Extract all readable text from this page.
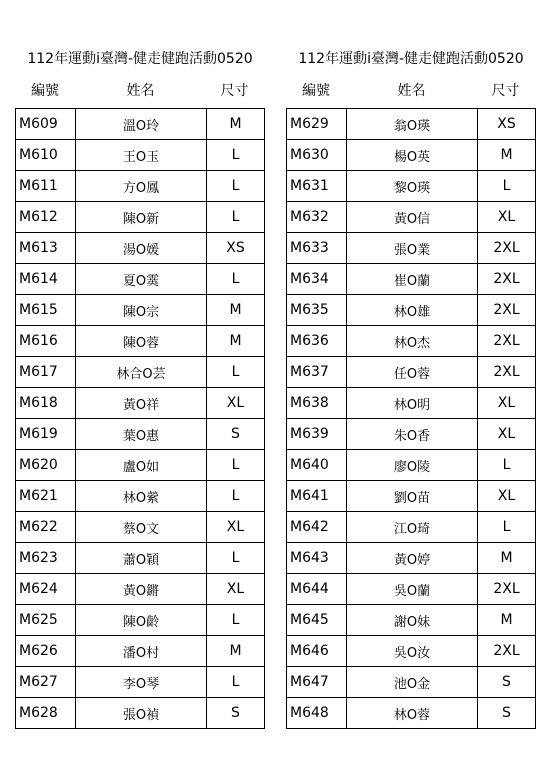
112年運動i臺灣-健走健跑活動0520
編號	姓名	尺寸
M609	溫O玲	M
M610	王O玉	L
M611	方O鳳	L
M612	陳O新	L
M613	湯O媛	XS
M614	夏O霙	L
M615	陳O宗	M
M616	陳O蓉	M
M617	林合O芸	L
M618	黃O祥	XL
M619	葉O惠	S
M620	盧O如	L
M621	林O縈	L
M622	蔡O文	XL
M623	蕭O穎	L
M624	黃O鏘	XL
M625	陳O齡	L
M626	潘O村	M
M627	李O琴	L
M628	張O禎	S
112年運動i臺灣-健走健跑活動0520
編號	姓名	尺寸
M629	翁O瑛	XS
M630	楊O英	M
M631	黎O瑛	L
M632	黃O信	XL
M633	張O業	2XL
M634	崔O蘭	2XL
M635	林O雄	2XL
M636	林O杰	2XL
M637	任O蓉	2XL
M638	林O明	XL
M639	朱O香	XL
M640	廖O陵	L
M641	劉O苗	XL
M642	江O琦	L
M643	黃O婷	M
M644	吳O蘭	2XL
M645	謝O妹	M
M646	吳O汝	2XL
M647	池O金	S
M648	林O蓉	S
